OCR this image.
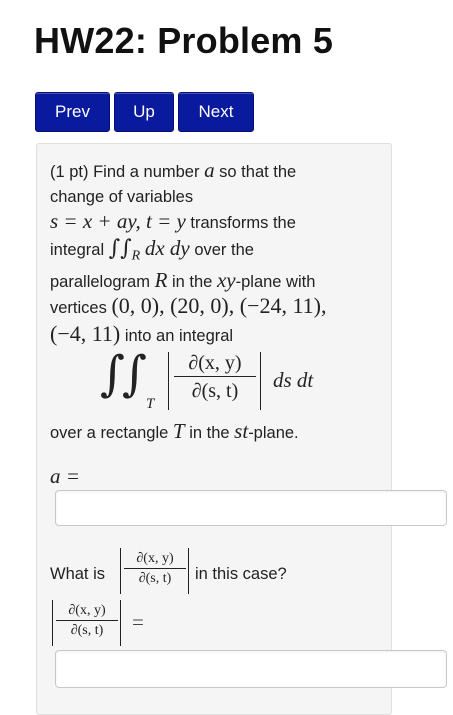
HW22: Problem 5
Prev	Up	Next
(1 pt) Find a number a so that the
change of variables
s = x + ay, t = y transforms the
integral $\int\int_R$ dx dy over the
parallelogram R in the xy-plane with
vertices (0, 0), (20, 0), (−24, 11),
(−4, 11) into an integral
∫
∫
T $\frac{\partial(x, y)}{\partial(s, t)}$ ds dt
over a rectangle T in the st-plane.
a =
What is $\frac{\partial(x, y)}{\partial(s, t)}$ in this case?
$\frac{\partial(x, y)}{\partial(s, t)}$ =
